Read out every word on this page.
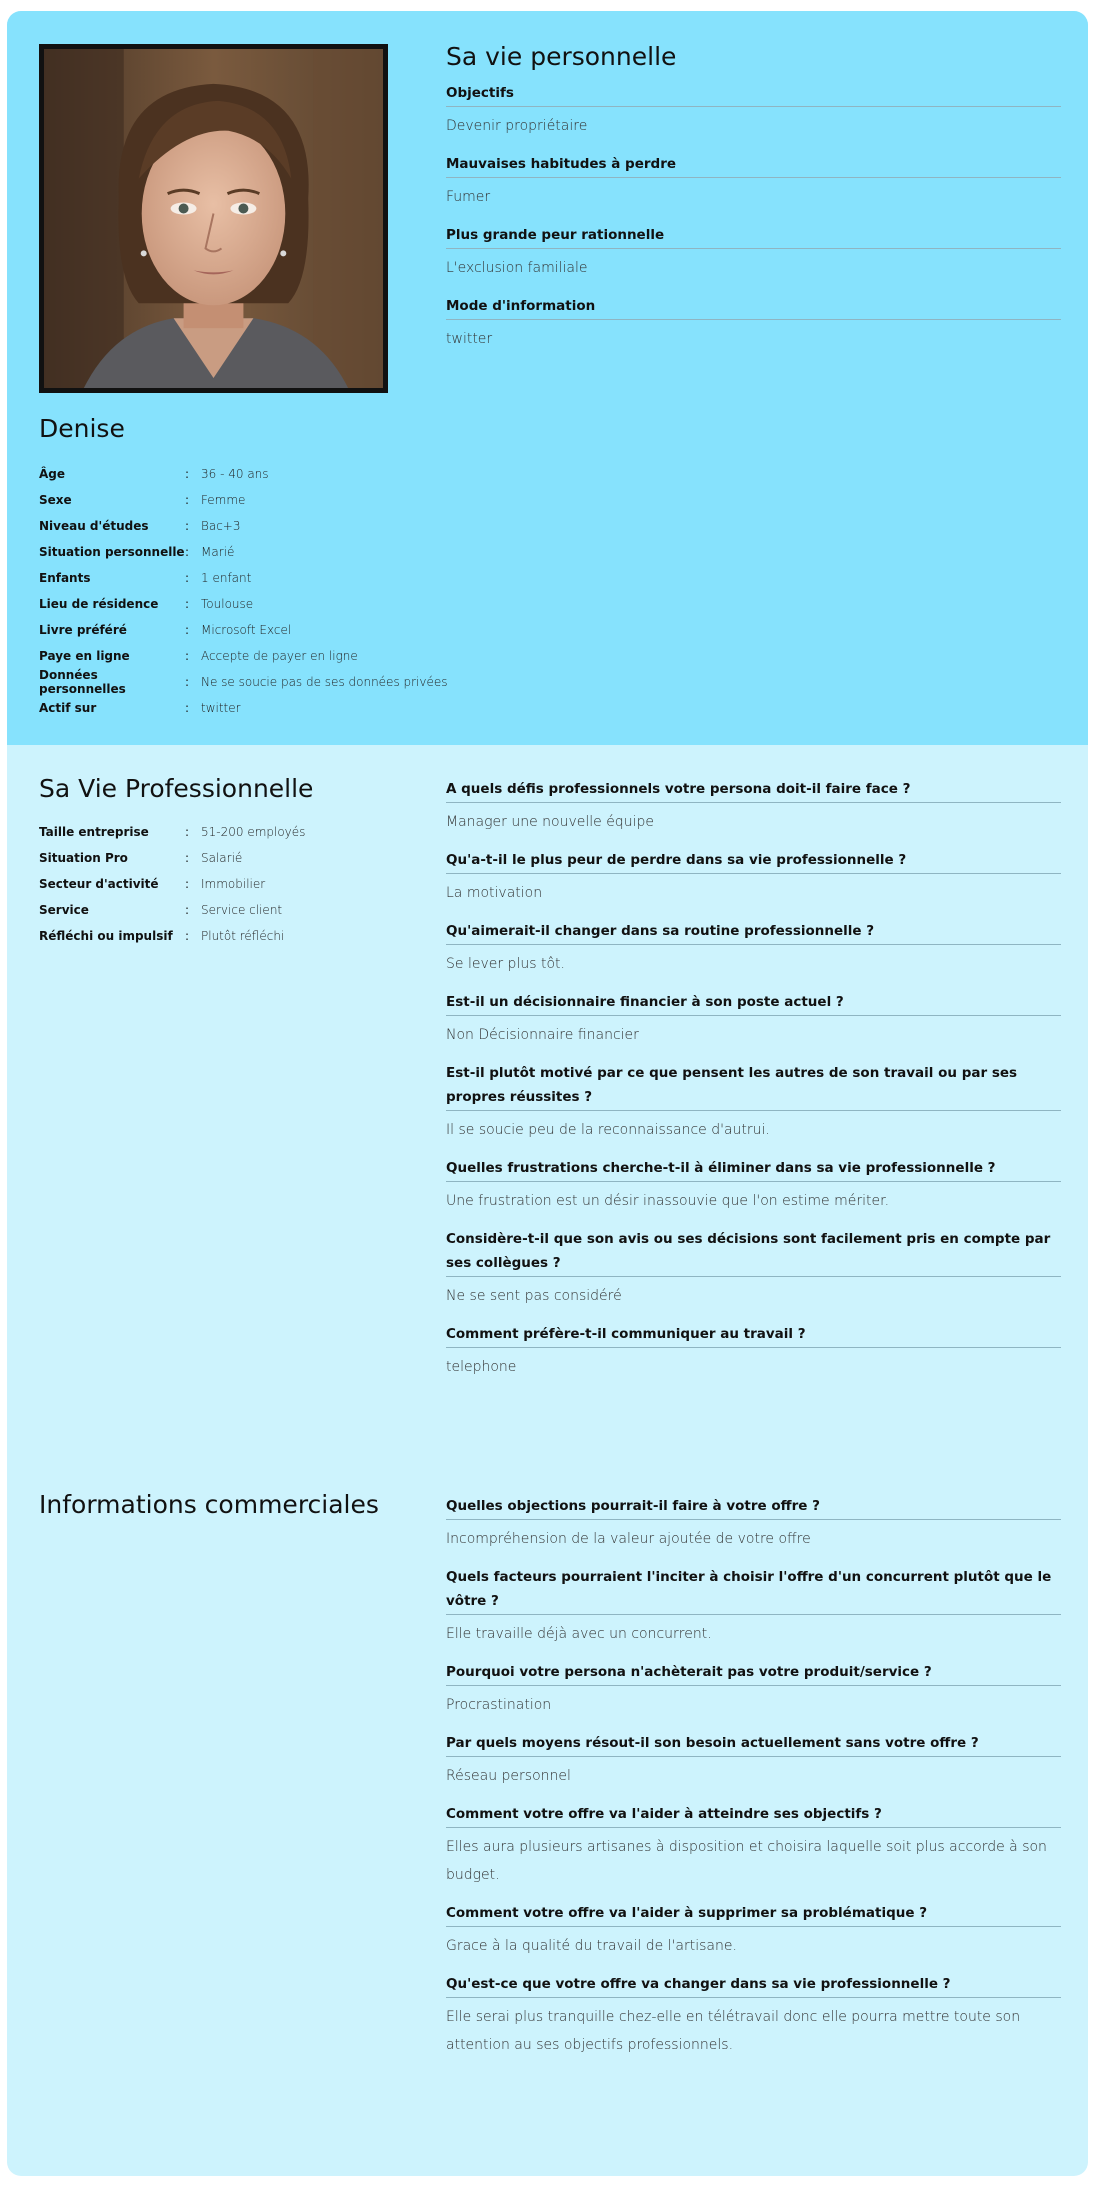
Denise
Âge	: 36 - 40 ans
Sexe	: Femme
Niveau d'études	: Bac+3
Situation personnelle : Marié
Enfants	: 1 enfant
Lieu de résidence	: Toulouse
Livre préféré	: Microsoft Excel
Paye en ligne	: Accepte de payer en ligne
Données personnelles	: Ne se soucie pas de ses données privées
Actif sur	: twitter
Sa vie personnelle
Objectifs
Devenir propriétaire
Mauvaises habitudes à perdre
Fumer
Plus grande peur rationnelle
L'exclusion familiale
Mode d'information
twitter
Sa Vie Professionnelle
Taille entreprise	: 51-200 employés
Situation Pro	: Salarié
Secteur d'activité	: Immobilier
Service	: Service client
Réfléchi ou impulsif	: Plutôt réfléchi
A quels défis professionnels votre persona doit-il faire face ?
Manager une nouvelle équipe
Qu'a-t-il le plus peur de perdre dans sa vie professionnelle ?
La motivation
Qu'aimerait-il changer dans sa routine professionnelle ?
Se lever plus tôt.
Est-il un décisionnaire financier à son poste actuel ?
Non Décisionnaire financier
Est-il plutôt motivé par ce que pensent les autres de son travail ou par ses propres réussites ?
Il se soucie peu de la reconnaissance d'autrui.
Quelles frustrations cherche-t-il à éliminer dans sa vie professionnelle ?
Une frustration est un désir inassouvie que l'on estime mériter.
Considère-t-il que son avis ou ses décisions sont facilement pris en compte par ses collègues ?
Ne se sent pas considéré
Comment préfère-t-il communiquer au travail ?
telephone
Informations commerciales	Quelles objections pourrait-il faire à votre offre ?
Incompréhension de la valeur ajoutée de votre offre
Quels facteurs pourraient l'inciter à choisir l'offre d'un concurrent plutôt que le vôtre ?
Elle travaille déjà avec un concurrent.
Pourquoi votre persona n'achèterait pas votre produit/service ?
Procrastination
Par quels moyens résout-il son besoin actuellement sans votre offre ?
Réseau personnel
Comment votre offre va l'aider à atteindre ses objectifs ?
Elles aura plusieurs artisanes à disposition et choisira laquelle soit plus accorde à son budget.
Comment votre offre va l'aider à supprimer sa problématique ?
Grace à la qualité du travail de l'artisane.
Qu'est-ce que votre offre va changer dans sa vie professionnelle ?
Elle serai plus tranquille chez-elle en télétravail donc elle pourra mettre toute son attention au ses objectifs professionnels.
